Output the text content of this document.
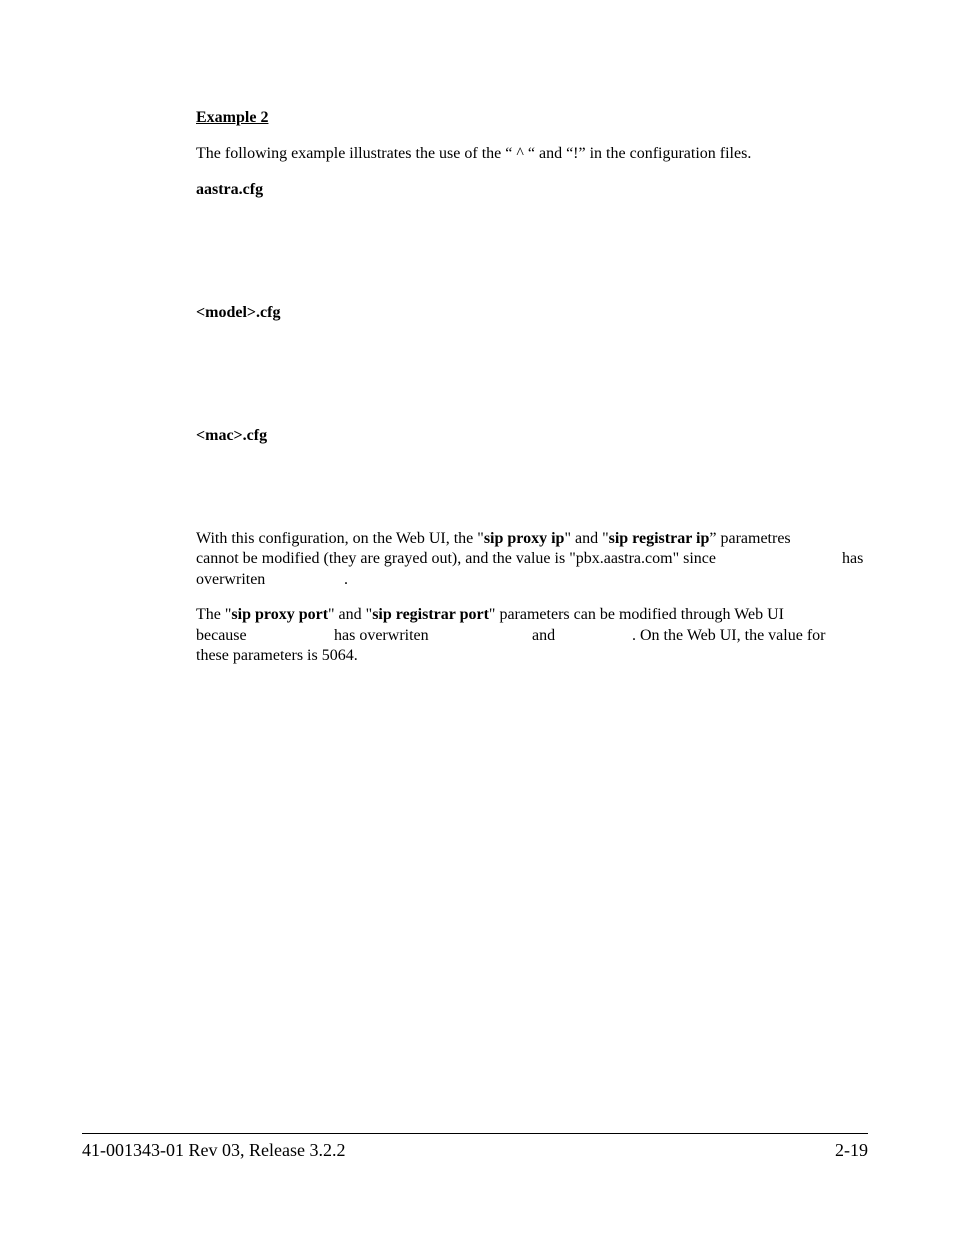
Example 2
The following example illustrates the use of the “ ^ “ and “!” in the configuration files.
aastra.cfg
<model>.cfg
<mac>.cfg
With this configuration, on the Web UI, the "sip proxy ip" and "sip registrar ip” parametres
cannot be modified (they are grayed out), and the value is "pbx.aastra.com" since	has
overwriten	.
The "sip proxy port" and "sip registrar port" parameters can be modified through Web UI
because	has overwriten	and	. On the Web UI, the value for
these parameters is 5064.
41-001343-01 Rev 03, Release 3.2.2	2-19
